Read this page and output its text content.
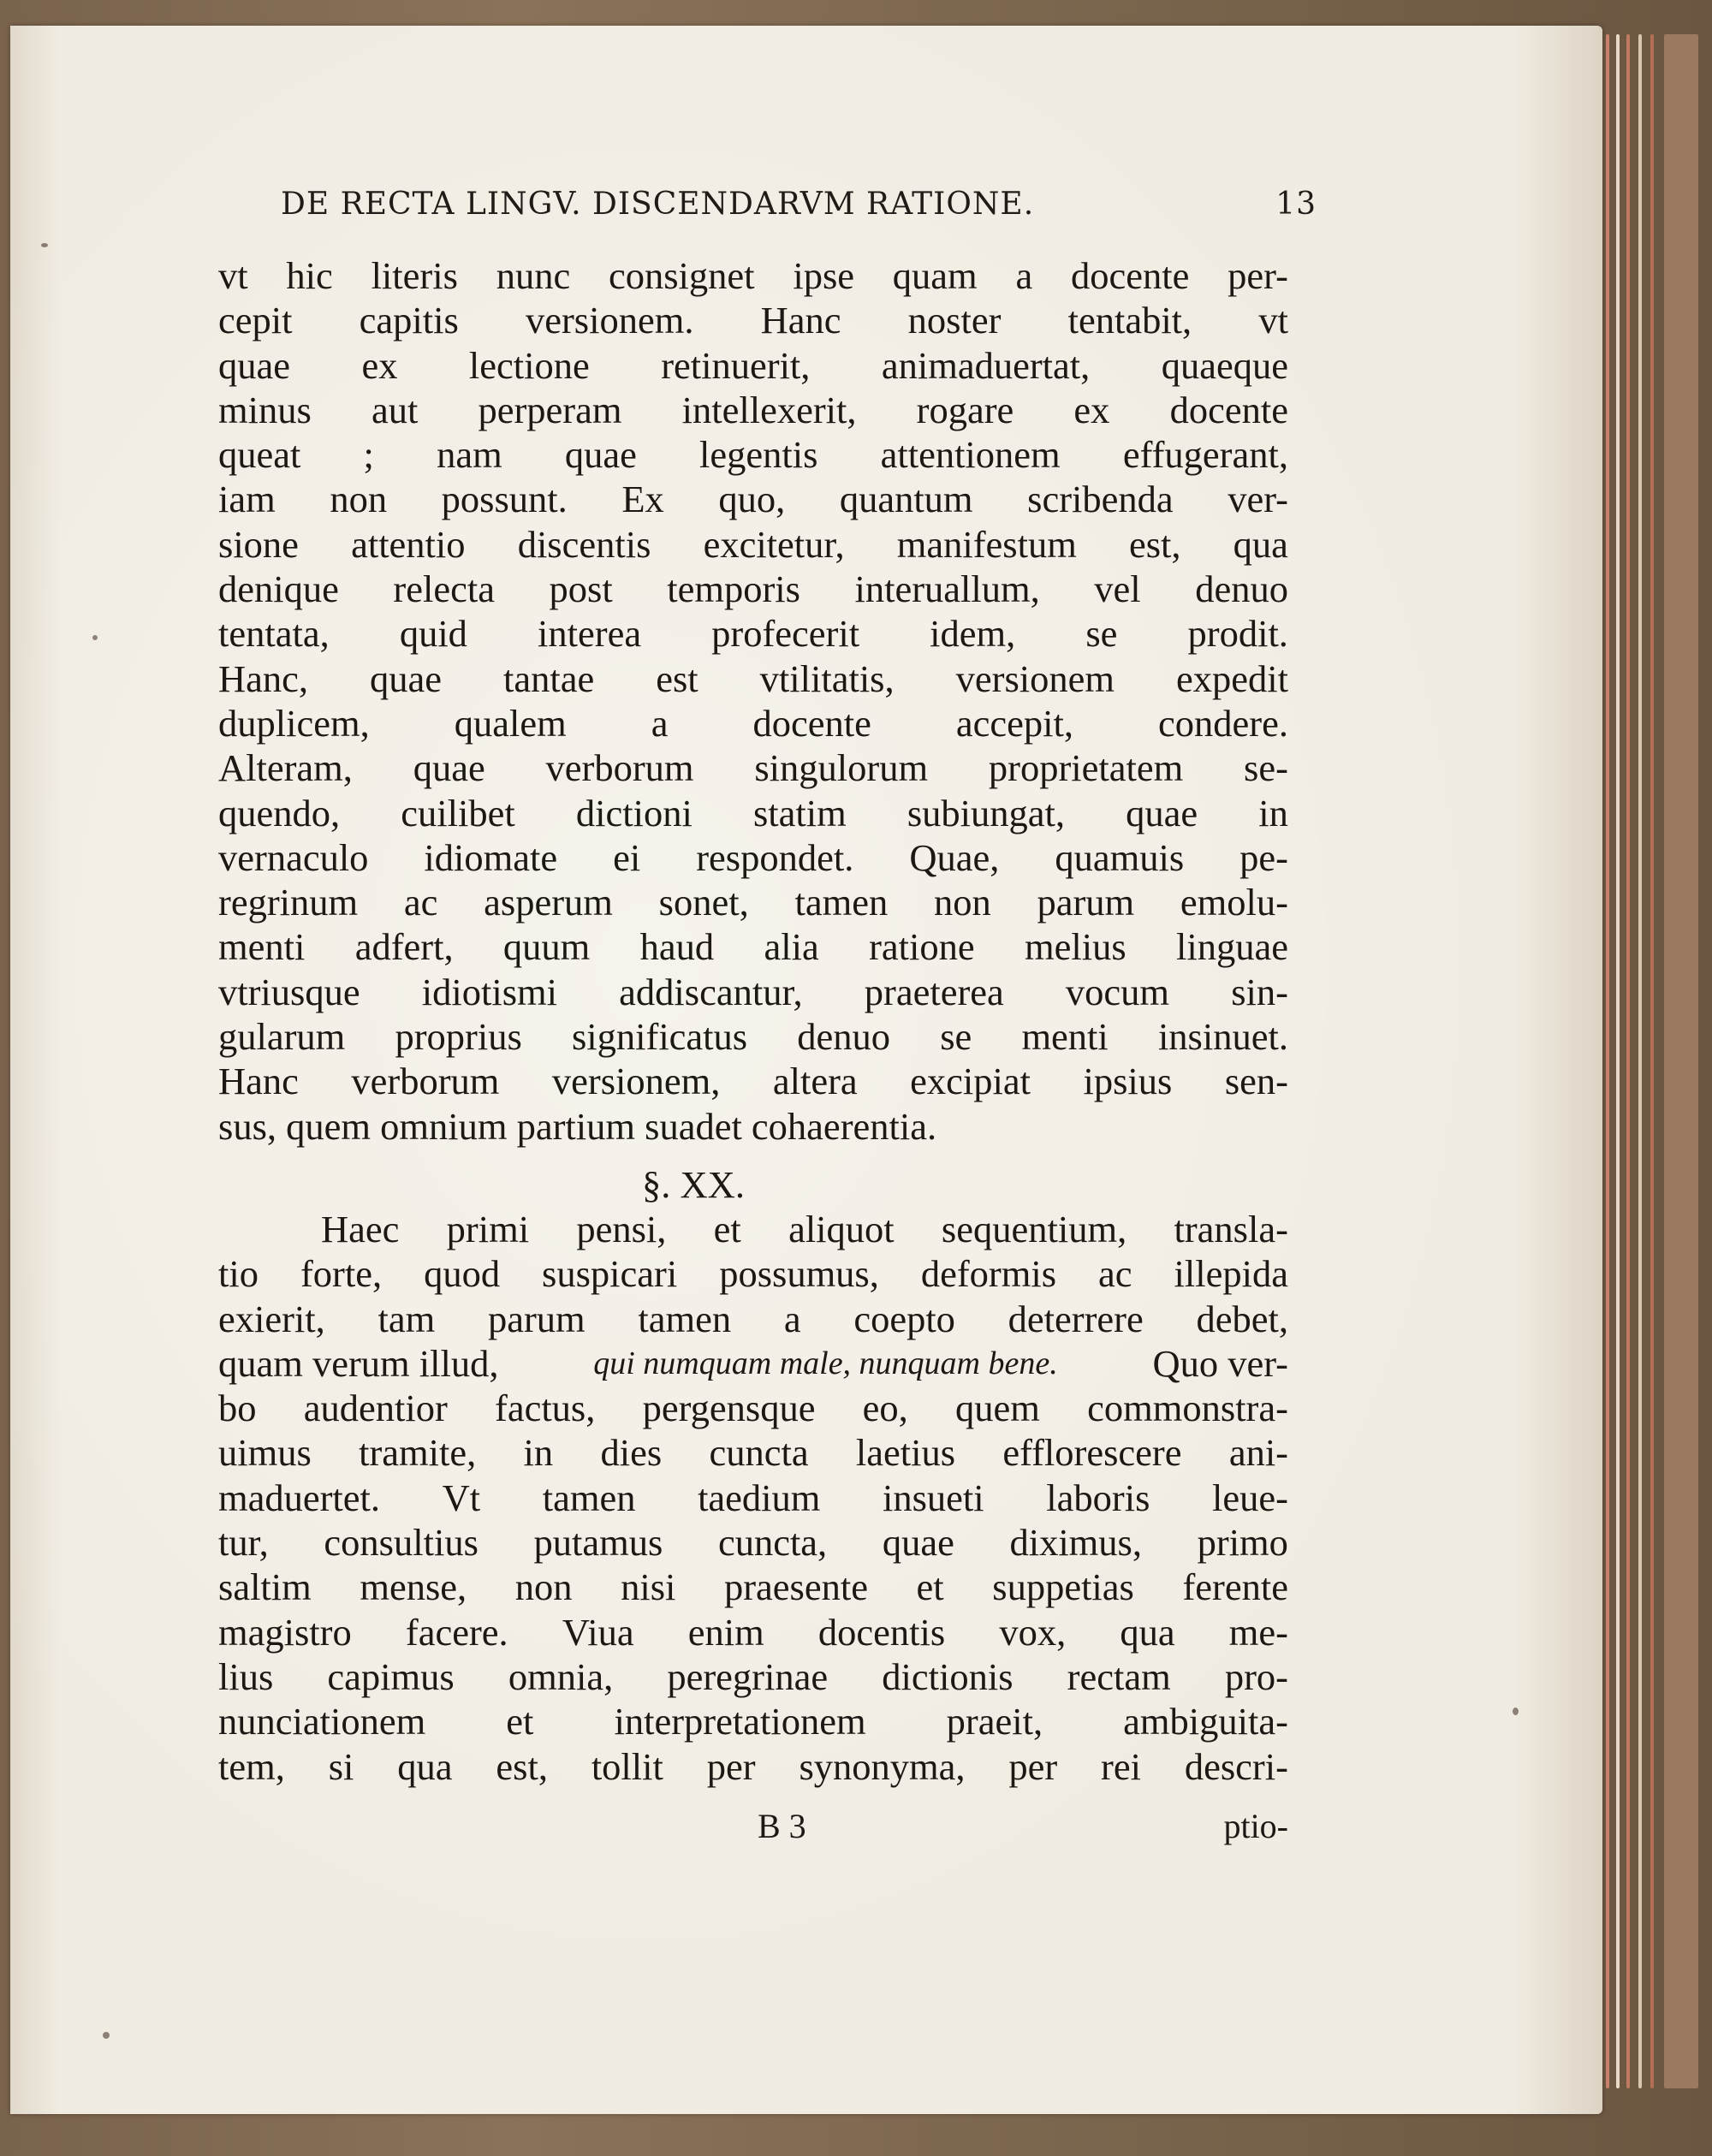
DE RECTA LINGV. DISCENDARVM RATIONE.	13
vt hic literis nunc consignet ipse quam a docente per-
cepit capitis versionem. Hanc noster tentabit, vt
quae ex lectione retinuerit, animaduertat, quaeque
minus aut perperam intellexerit, rogare ex docente
queat ; nam quae legentis attentionem effugerant,
iam non possunt. Ex quo, quantum scribenda ver-
sione attentio discentis excitetur, manifestum est, qua
denique relecta post temporis interuallum, vel denuo
tentata, quid interea profecerit idem, se prodit.
Hanc, quae tantae est vtilitatis, versionem expedit
duplicem, qualem a docente accepit, condere.
Alteram, quae verborum singulorum proprietatem se-
quendo, cuilibet dictioni statim subiungat, quae in
vernaculo idiomate ei respondet. Quae, quamuis pe-
regrinum ac asperum sonet, tamen non parum emolu-
menti adfert, quum haud alia ratione melius linguae
vtriusque idiotismi addiscantur, praeterea vocum sin-
gularum proprius significatus denuo se menti insinuet.
Hanc verborum versionem, altera excipiat ipsius sen-
sus, quem omnium partium suadet cohaerentia.
§. XX.
Haec primi pensi, et aliquot sequentium, transla-
tio forte, quod suspicari possumus, deformis ac illepida
exierit, tam parum tamen a coepto deterrere debet,
quam verum illud,	qui numquam male, nunquam bene. Quo ver-
bo audentior factus, pergensque eo, quem commonstra-
uimus tramite, in dies cuncta laetius efflorescere ani-
maduertet. Vt tamen taedium insueti laboris leue-
tur, consultius putamus cuncta, quae diximus, primo
saltim mense, non nisi praesente et suppetias ferente
magistro facere. Viua enim docentis vox, qua me-
lius capimus omnia, peregrinae dictionis rectam pro-
nunciationem et interpretationem praeit, ambiguita-
tem, si qua est, tollit per synonyma, per rei descri-
B 3	ptio-
